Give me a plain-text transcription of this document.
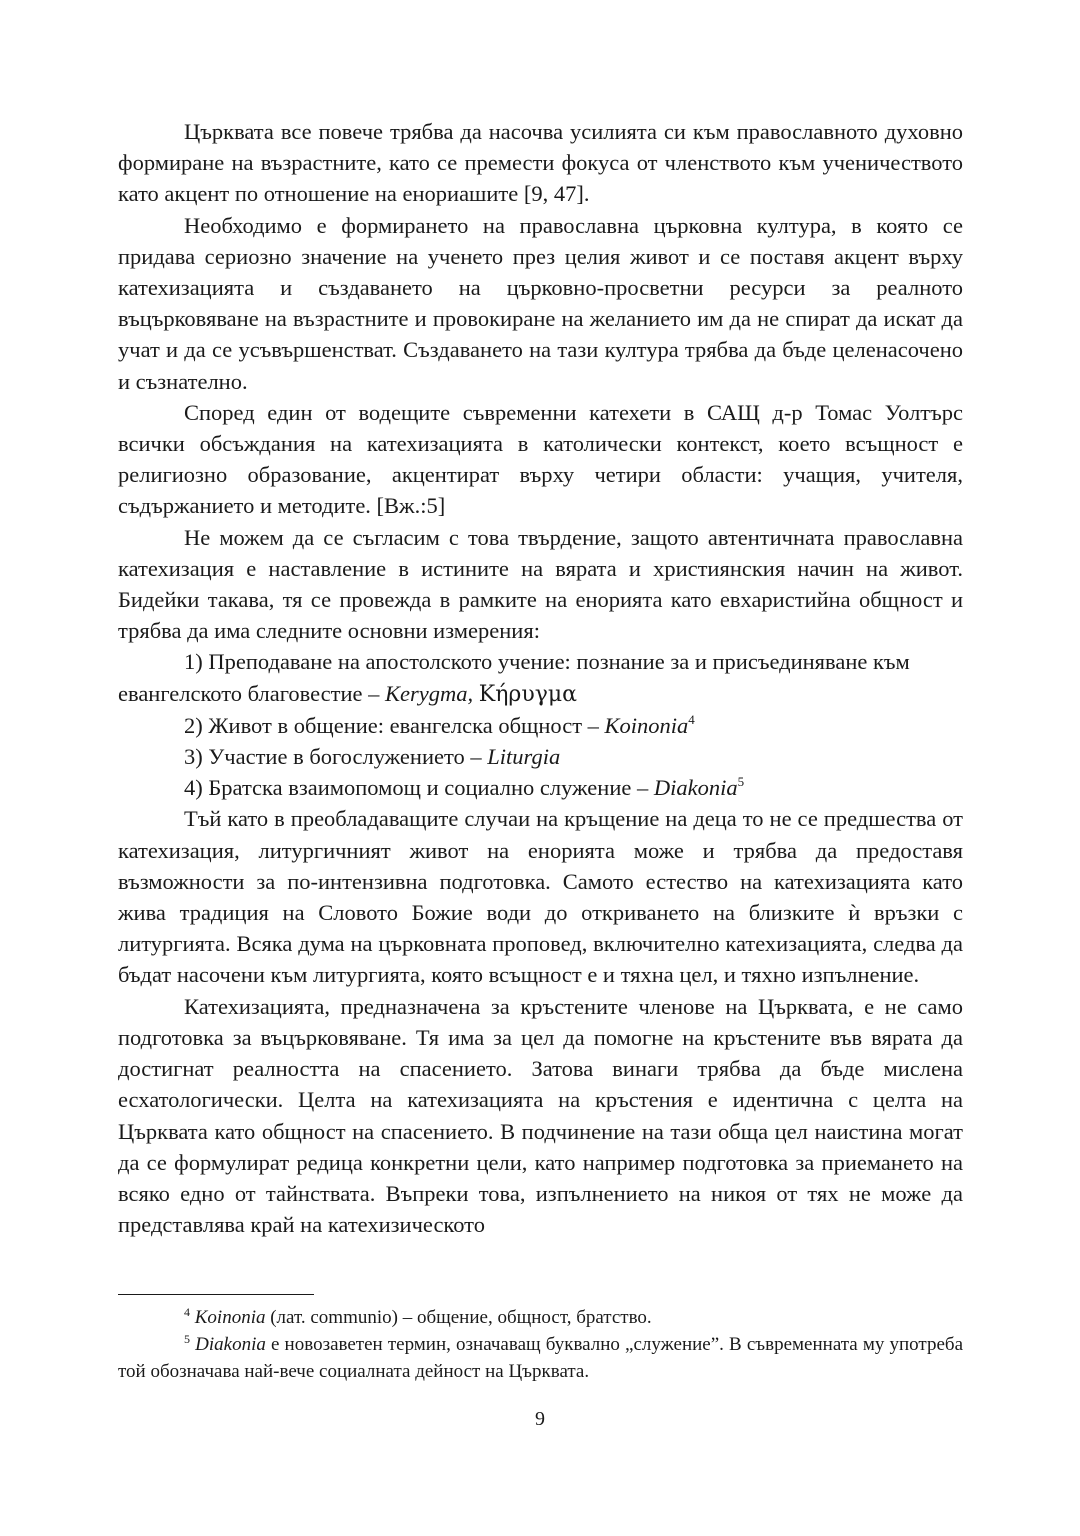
Църквата все повече трябва да насочва усилията си към православното духовно формиране на възрастните, като се премести фокуса от членството към ученичеството като акцент по отношение на енориашите [9, 47].

Необходимо е формирането на православна църковна култура, в която се придава сериозно значение на ученето през целия живот и се поставя акцент върху катехизацията и създаването на църковно-просветни ресурси за реалното въцърковяване на възрастните и провокиране на желанието им да не спират да искат да учат и да се усъвършенстват. Създаването на тази култура трябва да бъде целенасочено и съзнателно.

Според един от водещите съвременни катехети в САЩ д-р Томас Уолтърс всички обсъждания на катехизацията в католически контекст, което всъщност е религиозно образование, акцентират върху четири области: учащия, учителя, съдържанието и методите. [Вж.:5]

Не можем да се съгласим с това твърдение, защото автентичната православна катехизация е наставление в истините на вярата и християнския начин на живот. Бидейки такава, тя се провежда в рамките на енорията като евхаристийна общност и трябва да има следните основни измерения:

1) Преподаване на апостолското учение: познание за и присъединяване към евангелското благовестие – Kerygma, Κήρυγμα

2) Живот в общение: евангелска общност – Koinonia$^4$

3) Участие в богослужението – Liturgia

4) Братска взаимопомощ и социално служение – Diakonia$^5$

Тъй като в преобладаващите случаи на кръщение на деца то не се предшества от катехизация, литургичният живот на енорията може и трябва да предоставя възможности за по-интензивна подготовка. Самото естество на катехизацията като жива традиция на Словото Божие води до откриването на близките ѝ връзки с литургията. Всяка дума на църковната проповед, включително катехизацията, следва да бъдат насочени към литургията, която всъщност е и тяхна цел, и тяхно изпълнение.

Катехизацията, предназначена за кръстените членове на Църквата, е не само подготовка за въцърковяване. Тя има за цел да помогне на кръстените във вярата да достигнат реалността на спасението. Затова винаги трябва да бъде мислена есхатологически. Целта на катехизацията на кръстения е идентична с целта на Църквата като общност на спасението. В подчинение на тази обща цел наистина могат да се формулират редица конкретни цели, като например подготовка за приемането на всяко едно от тайнствата. Въпреки това, изпълнението на никоя от тях не може да представлява край на катехизическото

$^4$ Koinonia (лат. communio) – общение, общност, братство.

$^5$ Diakonia е новозаветен термин, означаващ буквално „служение”. В съвременната му употреба той обозначава най-вече социалната дейност на Църквата.

9
